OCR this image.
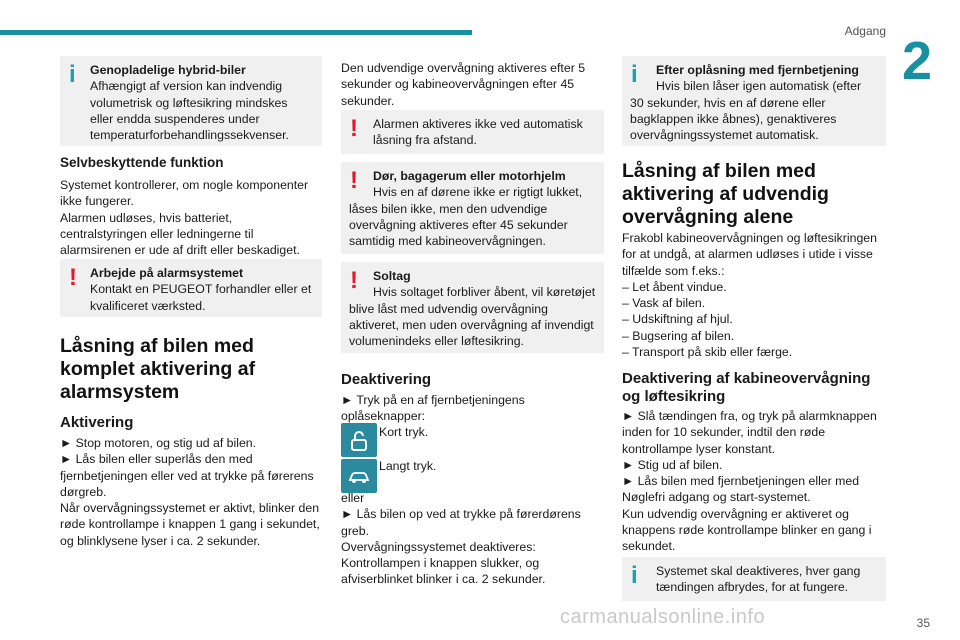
Adgang 2
35
carmanualsonline.info
i	Genopladelige hybrid-biler
Afhængigt af version kan indvendig volumetrisk og løftesikring mindskes eller endda suspenderes under temperaturforbehandlingssekvenser.
Selvbeskyttende funktion
Systemet kontrollerer, om nogle komponenter ikke fungerer.
Alarmen udløses, hvis batteriet, centralstyringen eller ledningerne til alarmsirenen er ude af drift eller beskadiget.
!	Arbejde på alarmsystemet
Kontakt en PEUGEOT forhandler eller et kvalificeret værksted.
Låsning af bilen med komplet aktivering af alarmsystem
Aktivering
► Stop motoren, og stig ud af bilen.
► Lås bilen eller superlås den med fjernbetjeningen eller ved at trykke på førerens dørgreb.
Når overvågningssystemet er aktivt, blinker den røde kontrollampe i knappen 1 gang i sekundet, og blinklysene lyser i ca. 2 sekunder.
Den udvendige overvågning aktiveres efter 5 sekunder og kabineovervågningen efter 45 sekunder.
!	Alarmen aktiveres ikke ved automatisk låsning fra afstand.
!	Dør, bagagerum eller motorhjelm
Hvis en af dørene ikke er rigtigt lukket, låses bilen ikke, men den udvendige overvågning aktiveres efter 45 sekunder samtidig med kabineovervågningen.
!	Soltag
Hvis soltaget forbliver åbent, vil køretøjet blive låst med udvendig overvågning aktiveret, men uden overvågning af invendigt volumenindeks eller løftesikring.
Deaktivering
► Tryk på en af fjernbetjeningens oplåseknapper:
Kort tryk.
Langt tryk.
eller
► Lås bilen op ved at trykke på førerdørens greb.
Overvågningssystemet deaktiveres:
Kontrollampen i knappen slukker, og afviserblinket blinker i ca. 2 sekunder.
i	Efter oplåsning med fjernbetjening
Hvis bilen låser igen automatisk (efter 30 sekunder, hvis en af dørene eller bagklappen ikke åbnes), genaktiveres overvågningssystemet automatisk.
Låsning af bilen med aktivering af udvendig overvågning alene
Frakobl kabineovervågningen og løftesikringen for at undgå, at alarmen udløses i utide i visse tilfælde som f.eks.:
– Let åbent vindue.
– Vask af bilen.
– Udskiftning af hjul.
– Bugsering af bilen.
– Transport på skib eller færge.
Deaktivering af kabineovervågning og løftesikring
► Slå tændingen fra, og tryk på alarmknappen inden for 10 sekunder, indtil den røde kontrollampe lyser konstant.
► Stig ud af bilen.
► Lås bilen med fjernbetjeningen eller med Nøglefri adgang og start-systemet.
Kun udvendig overvågning er aktiveret og knappens røde kontrollampe blinker en gang i sekundet.
i	Systemet skal deaktiveres, hver gang tændingen afbrydes, for at fungere.
